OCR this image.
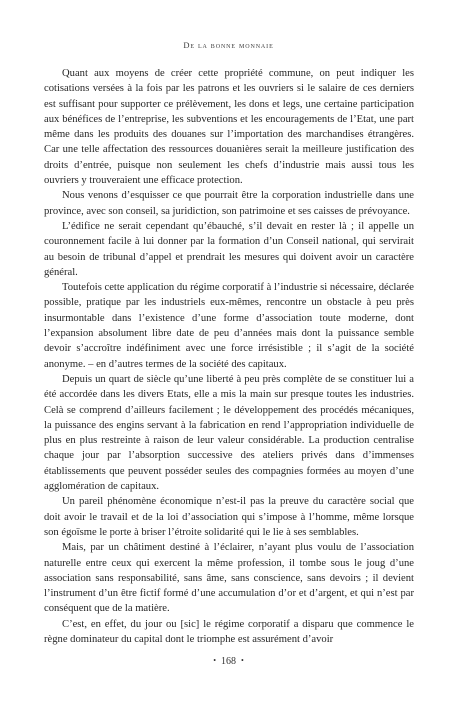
De la bonne monnaie

Quant aux moyens de créer cette propriété commune, on peut indiquer les cotisations versées à la fois par les patrons et les ouvriers si le salaire de ces derniers est suffisant pour supporter ce prélèvement, les dons et legs, une certaine participation aux bénéfices de l’entreprise, les subventions et les encouragements de l’Etat, une part même dans les produits des douanes sur l’importation des marchandises étrangères. Car une telle affectation des ressources douanières serait la meilleure justification des droits d’entrée, puisque non seulement les chefs d’industrie mais aussi tous les ouvriers y trouveraient une efficace protection.

Nous venons d’esquisser ce que pourrait être la corporation industrielle dans une province, avec son conseil, sa juridiction, son patrimoine et ses caisses de prévoyance.

L’édifice ne serait cependant qu’ébauché, s’il devait en rester là ; il appelle un couronnement facile à lui donner par la formation d’un Conseil national, qui servirait au besoin de tribunal d’appel et prendrait les mesures qui doivent avoir un caractère général.

Toutefois cette application du régime corporatif à l’industrie si nécessaire, déclarée possible, pratique par les industriels eux-mêmes, rencontre un obstacle à peu près insurmontable dans l’existence d’une forme d’association toute moderne, dont l’expansion absolument libre date de peu d’années mais dont la puissance semble devoir s’accroître indéfiniment avec une force irrésistible ; il s’agit de la société anonyme. – en d’autres termes de la société des capitaux.

Depuis un quart de siècle qu’une liberté à peu près complète de se constituer lui a été accordée dans les divers Etats, elle a mis la main sur presque toutes les industries. Celà se comprend d’ailleurs facilement ; le développement des procédés mécaniques, la puissance des engins servant à la fabrication en rend l’appropriation individuelle de plus en plus restreinte à raison de leur valeur considérable. La production centralise chaque jour par l’absorption successive des ateliers privés dans d’immenses établissements que peuvent posséder seules des compagnies formées au moyen d’une agglomération de capitaux.

Un pareil phénomène économique n’est-il pas la preuve du caractère social que doit avoir le travail et de la loi d’association qui s’impose à l’homme, même lorsque son égoïsme le porte à briser l’étroite solidarité qui le lie à ses semblables.

Mais, par un châtiment destiné à l’éclairer, n’ayant plus voulu de l’association naturelle entre ceux qui exercent la même profession, il tombe sous le joug d’une association sans responsabilité, sans âme, sans conscience, sans devoirs ; il devient l’instrument d’un être fictif formé d’une accumulation d’or et d’argent, et qui n’est par conséquent que de la matière.

C’est, en effet, du jour ou [sic] le régime corporatif a disparu que commence le règne dominateur du capital dont le triomphe est assurément d’avoir

• 168 •
